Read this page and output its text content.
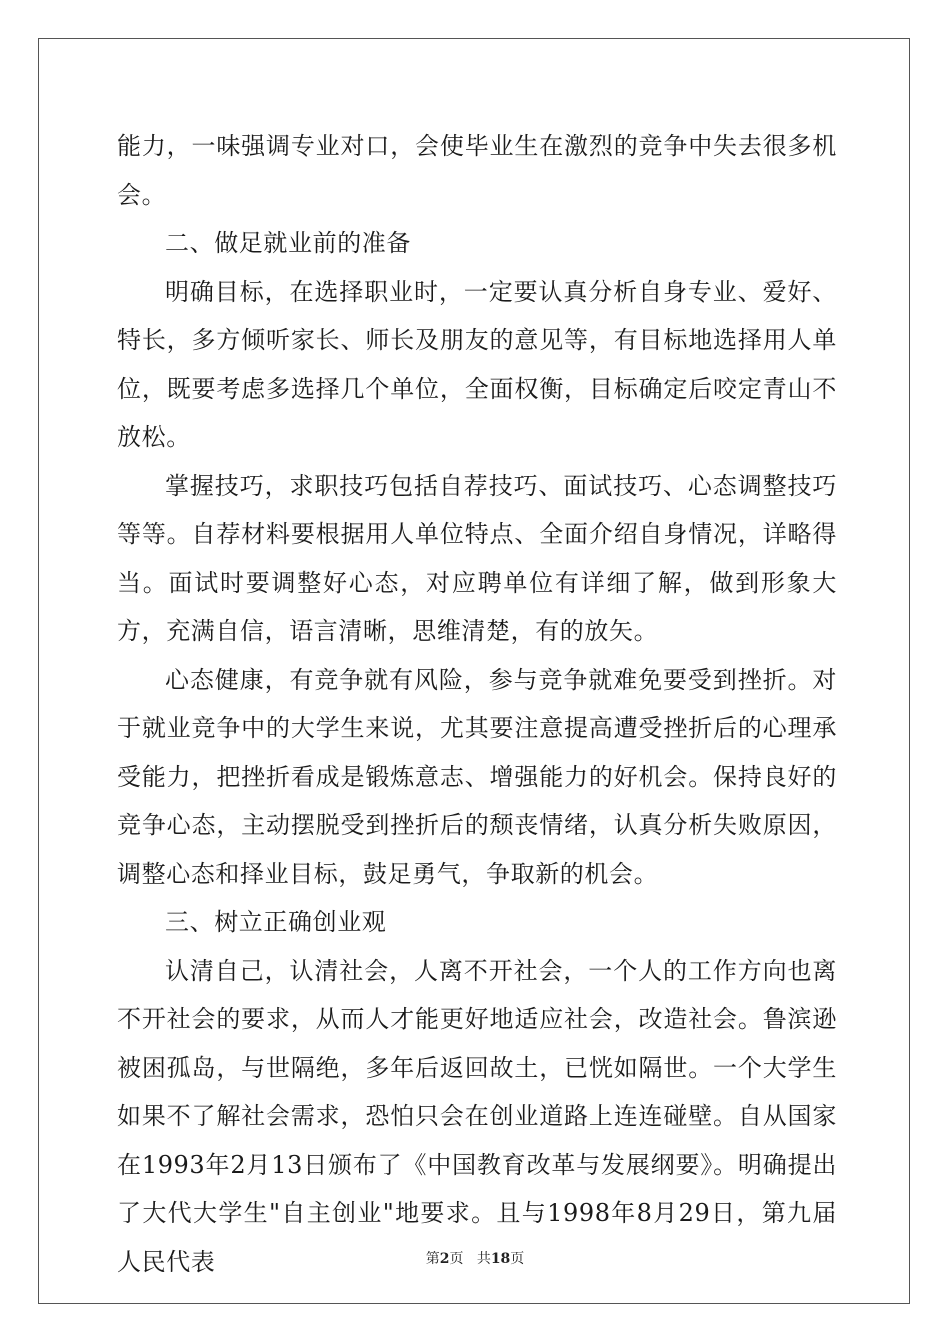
能力，一味强调专业对口，会使毕业生在激烈的竞争中失去很多机会。

二、做足就业前的准备

明确目标，在选择职业时，一定要认真分析自身专业、爱好、特长，多方倾听家长、师长及朋友的意见等，有目标地选择用人单位，既要考虑多选择几个单位，全面权衡，目标确定后咬定青山不放松。

掌握技巧，求职技巧包括自荐技巧、面试技巧、心态调整技巧等等。自荐材料要根据用人单位特点、全面介绍自身情况，详略得当。面试时要调整好心态，对应聘单位有详细了解，做到形象大方，充满自信，语言清晰，思维清楚，有的放矢。

心态健康，有竞争就有风险，参与竞争就难免要受到挫折。对于就业竞争中的大学生来说，尤其要注意提高遭受挫折后的心理承受能力，把挫折看成是锻炼意志、增强能力的好机会。保持良好的竞争心态，主动摆脱受到挫折后的颓丧情绪，认真分析失败原因，调整心态和择业目标，鼓足勇气，争取新的机会。

三、树立正确创业观

认清自己，认清社会，人离不开社会，一个人的工作方向也离不开社会的要求，从而人才能更好地适应社会，改造社会。鲁滨逊被困孤岛，与世隔绝，多年后返回故土，已恍如隔世。一个大学生如果不了解社会需求，恐怕只会在创业道路上连连碰壁。自从国家在1993年2月13日颁布了《中国教育改革与发展纲要》。明确提出了大代大学生"自主创业"地要求。且与1998年8月29日，第九届人民代表	第2页 共18页
